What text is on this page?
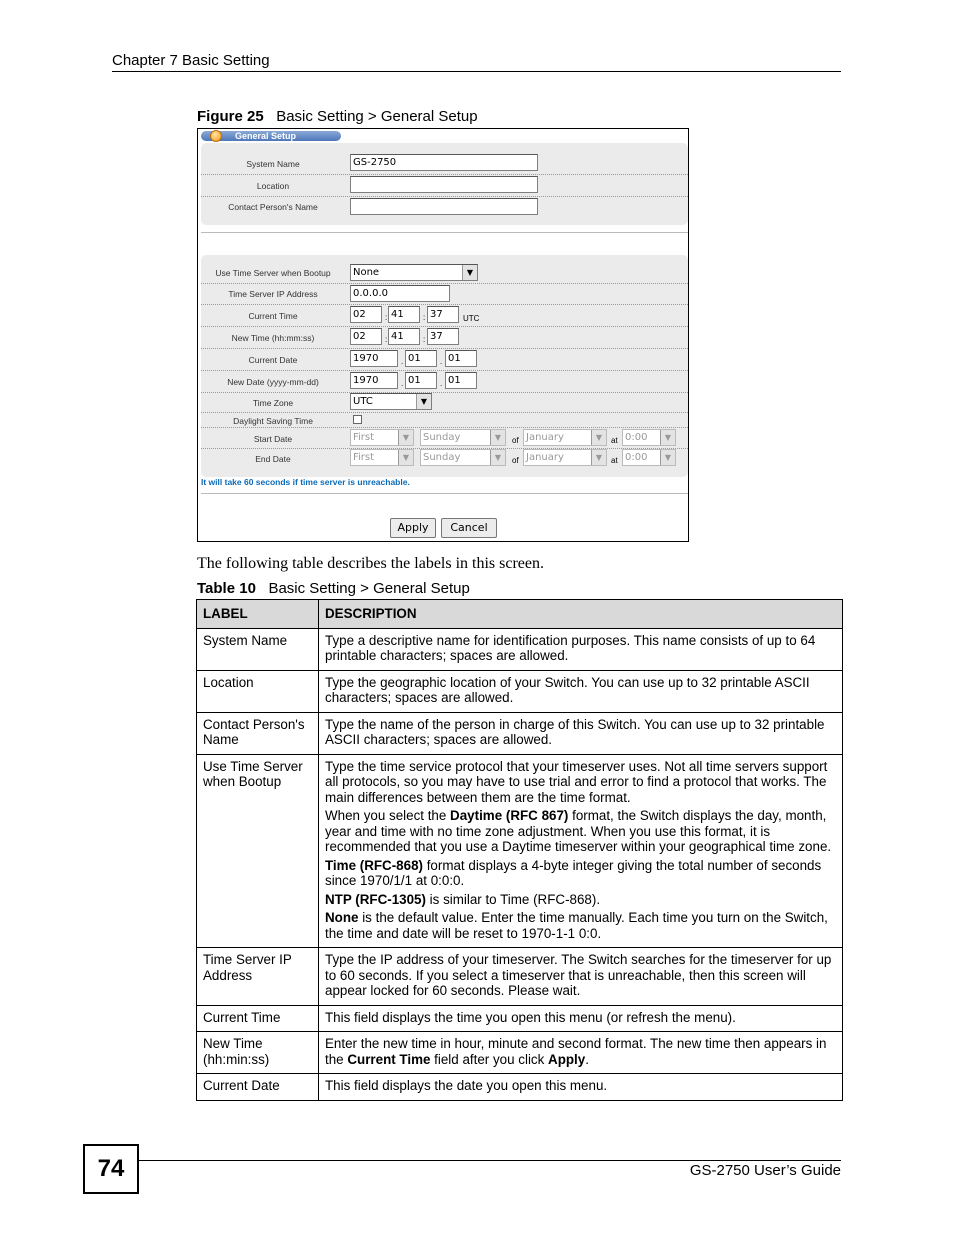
Chapter 7 Basic Setting
Figure 25 Basic Setting > General Setup
General Setup
System Name	GS-2750
Location
Contact Person's Name
Use Time Server when Bootup	None	▼
Time Server IP Address	0.0.0.0
Current Time	02	: 41	: 37	UTC
New Time (hh:mm:ss)	02	: 41	: 37
Current Date	1970	. 01	. 01
New Date (yyyy-mm-dd)	1970	. 01	. 01
Time Zone	UTC	▼
Daylight Saving Time
Start Date	First	▼	Sunday	▼	of January	▼	at 0:00	▼
End Date	First	▼	Sunday	▼	of January	▼	at 0:00	▼
It will take 60 seconds if time server is unreachable.
Apply	Cancel
The following table describes the labels in this screen.
Table 10 Basic Setting > General Setup
LABEL	DESCRIPTION
System Name	Type a descriptive name for identification purposes. This name consists of up to 64 printable characters; spaces are allowed.
Location	Type the geographic location of your Switch. You can use up to 32 printable ASCII characters; spaces are allowed.
Contact Person's Name	Type the name of the person in charge of this Switch. You can use up to 32 printable ASCII characters; spaces are allowed.
Use Time Server when Bootup	Type the time service protocol that your timeserver uses. Not all time servers support all protocols, so you may have to use trial and error to find a protocol that works. The main differences between them are the time format.

When you select the Daytime (RFC 867) format, the Switch displays the day, month, year and time with no time zone adjustment. When you use this format, it is recommended that you use a Daytime timeserver within your geographical time zone.

Time (RFC-868) format displays a 4-byte integer giving the total number of seconds since 1970/1/1 at 0:0:0.

NTP (RFC-1305) is similar to Time (RFC-868).

None is the default value. Enter the time manually. Each time you turn on the Switch, the time and date will be reset to 1970-1-1 0:0.

Time Server IP Address	Type the IP address of your timeserver. The Switch searches for the timeserver for up to 60 seconds. If you select a timeserver that is unreachable, then this screen will appear locked for 60 seconds. Please wait.
Current Time	This field displays the time you open this menu (or refresh the menu).
New Time (hh:min:ss)	Enter the new time in hour, minute and second format. The new time then appears in the Current Time field after you click Apply.
Current Date	This field displays the date you open this menu.
74	GS-2750 User’s Guide
